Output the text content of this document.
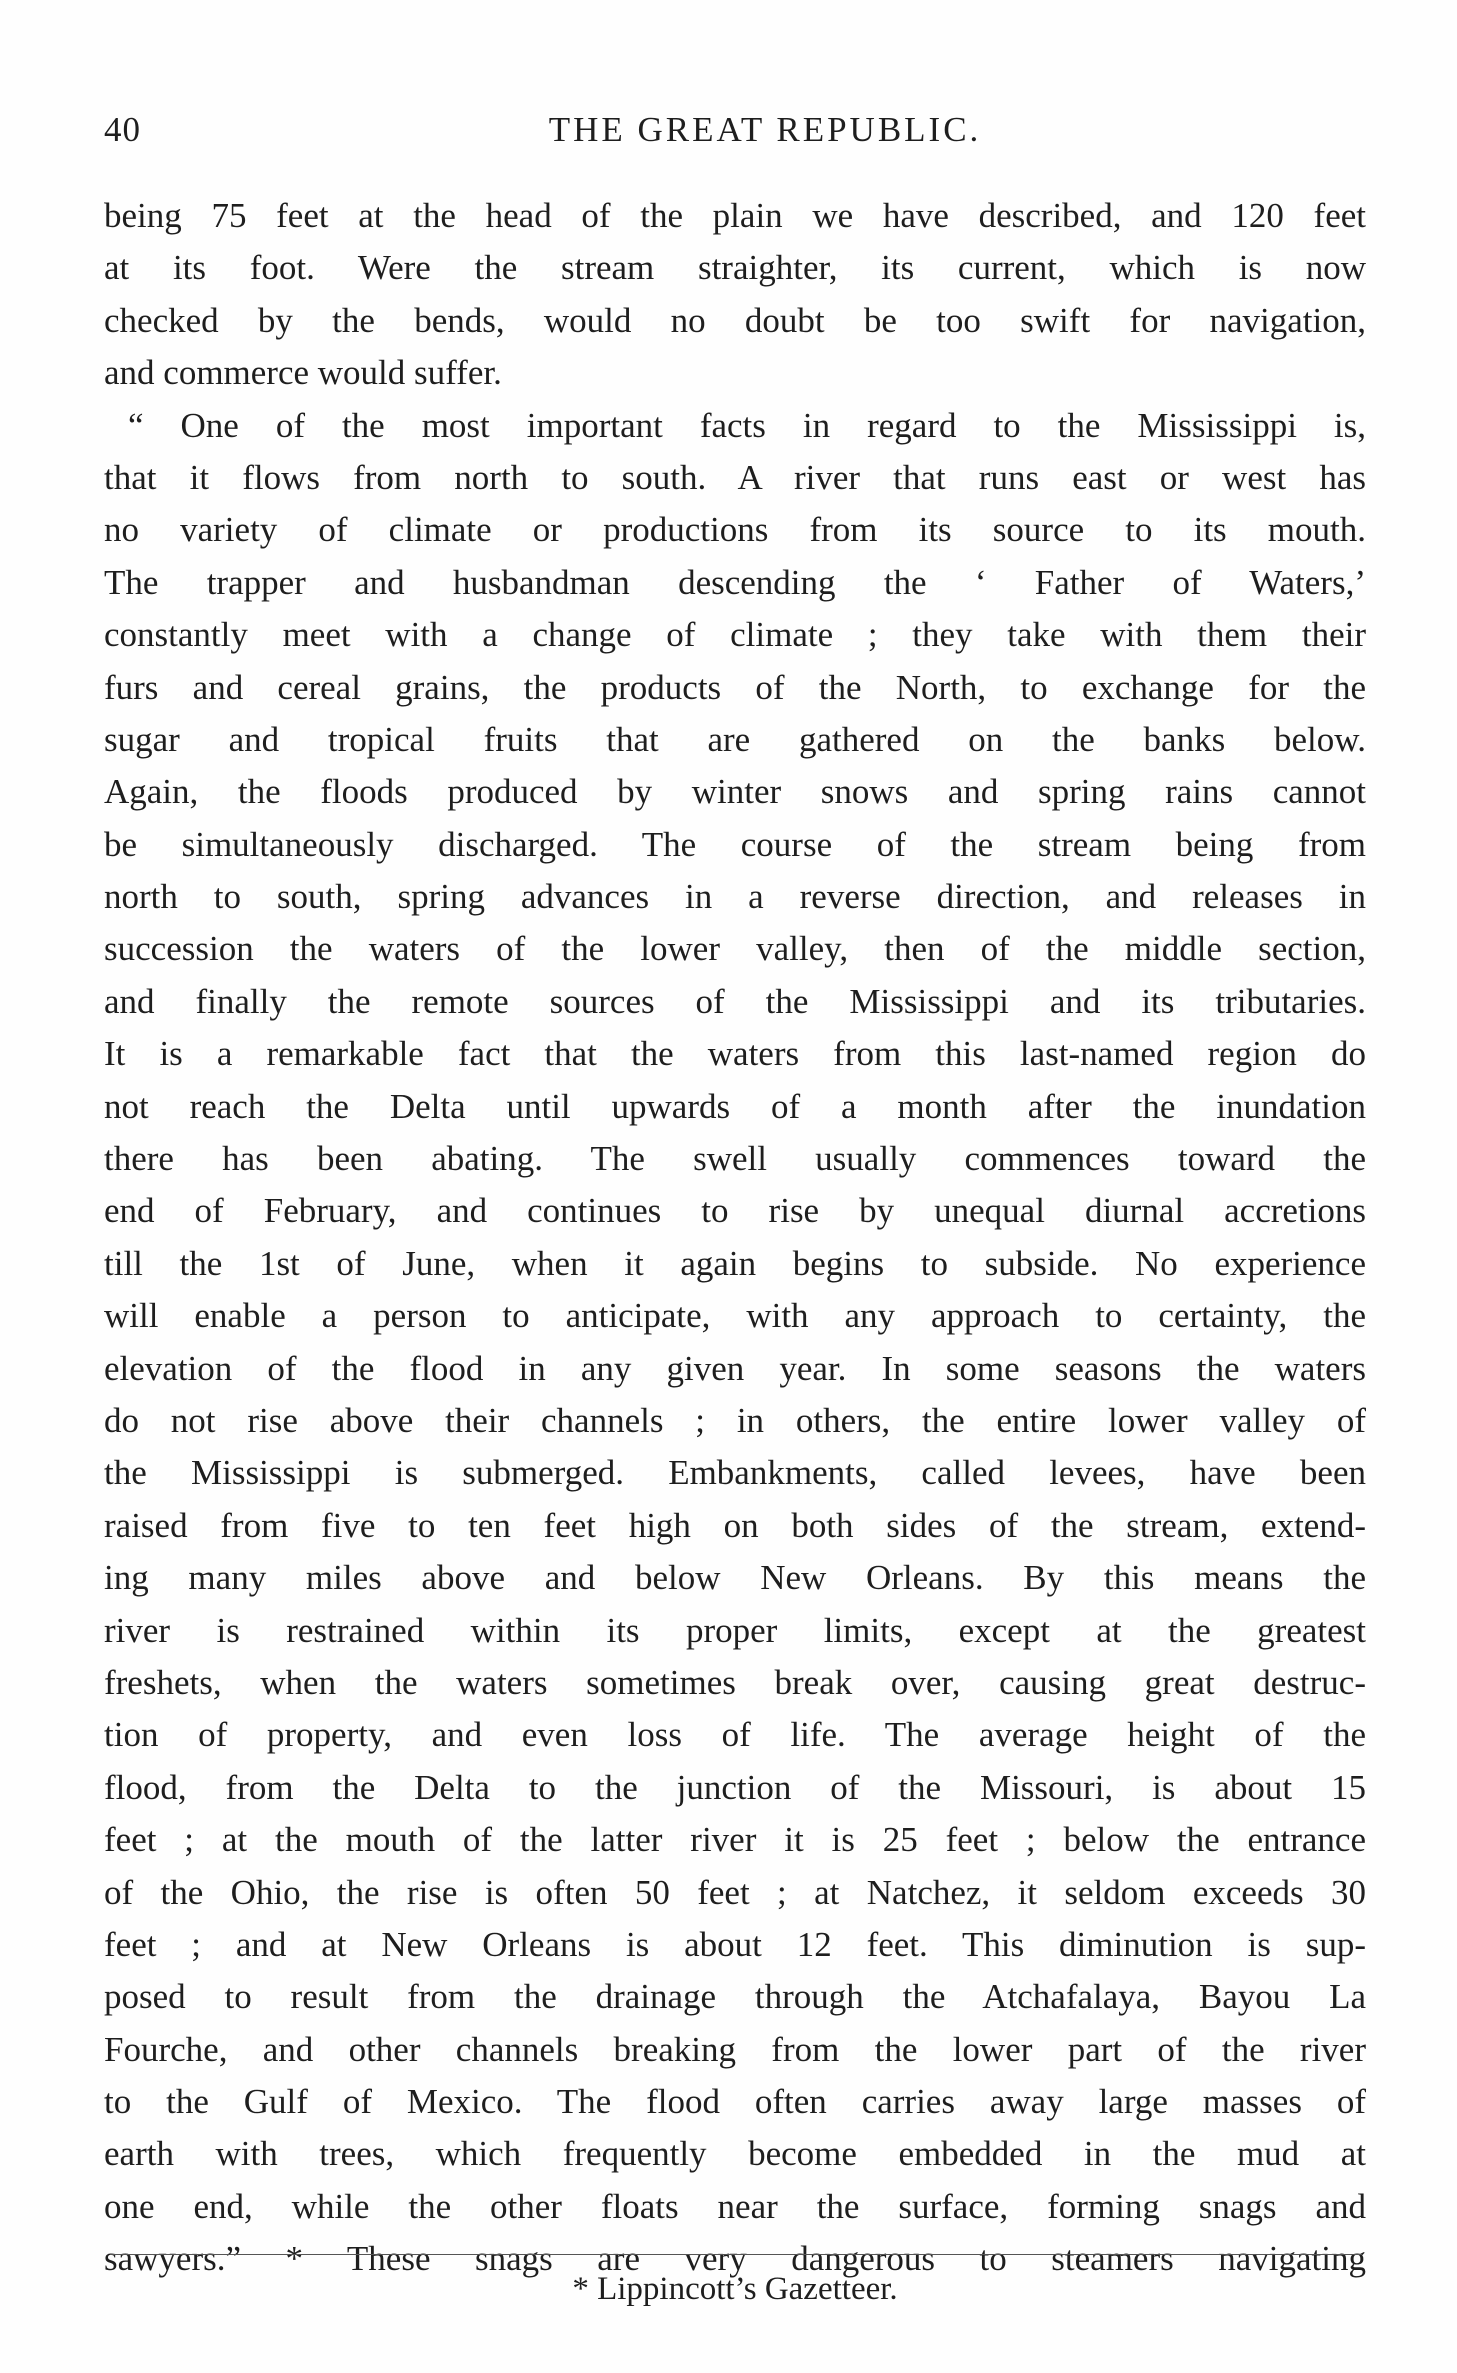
40	THE GREAT REPUBLIC.
being 75 feet at the head of the plain we have described, and 120 feet
at its foot. Were the stream straighter, its current, which is now
checked by the bends, would no doubt be too swift for navigation,
and commerce would suffer.
“ One of the most important facts in regard to the Mississippi is,
that it flows from north to south. A river that runs east or west has
no variety of climate or productions from its source to its mouth.
The trapper and husbandman descending the ‘ Father of Waters,’
constantly meet with a change of climate ; they take with them their
furs and cereal grains, the products of the North, to exchange for the
sugar and tropical fruits that are gathered on the banks below.
Again, the floods produced by winter snows and spring rains cannot
be simultaneously discharged. The course of the stream being from
north to south, spring advances in a reverse direction, and releases in
succession the waters of the lower valley, then of the middle section,
and finally the remote sources of the Mississippi and its tributaries.
It is a remarkable fact that the waters from this last-named region do
not reach the Delta until upwards of a month after the inundation
there has been abating. The swell usually commences toward the
end of February, and continues to rise by unequal diurnal accretions
till the 1st of June, when it again begins to subside. No experience
will enable a person to anticipate, with any approach to certainty, the
elevation of the flood in any given year. In some seasons the waters
do not rise above their channels ; in others, the entire lower valley of
the Mississippi is submerged. Embankments, called levees, have been
raised from five to ten feet high on both sides of the stream, extend-
ing many miles above and below New Orleans. By this means the
river is restrained within its proper limits, except at the greatest
freshets, when the waters sometimes break over, causing great destruc-
tion of property, and even loss of life. The average height of the
flood, from the Delta to the junction of the Missouri, is about 15
feet ; at the mouth of the latter river it is 25 feet ; below the entrance
of the Ohio, the rise is often 50 feet ; at Natchez, it seldom exceeds 30
feet ; and at New Orleans is about 12 feet. This diminution is sup-
posed to result from the drainage through the Atchafalaya, Bayou La
Fourche, and other channels breaking from the lower part of the river
to the Gulf of Mexico. The flood often carries away large masses of
earth with trees, which frequently become embedded in the mud at
one end, while the other floats near the surface, forming snags and
sawyers.” * These snags are very dangerous to steamers navigating
* Lippincott’s Gazetteer.
